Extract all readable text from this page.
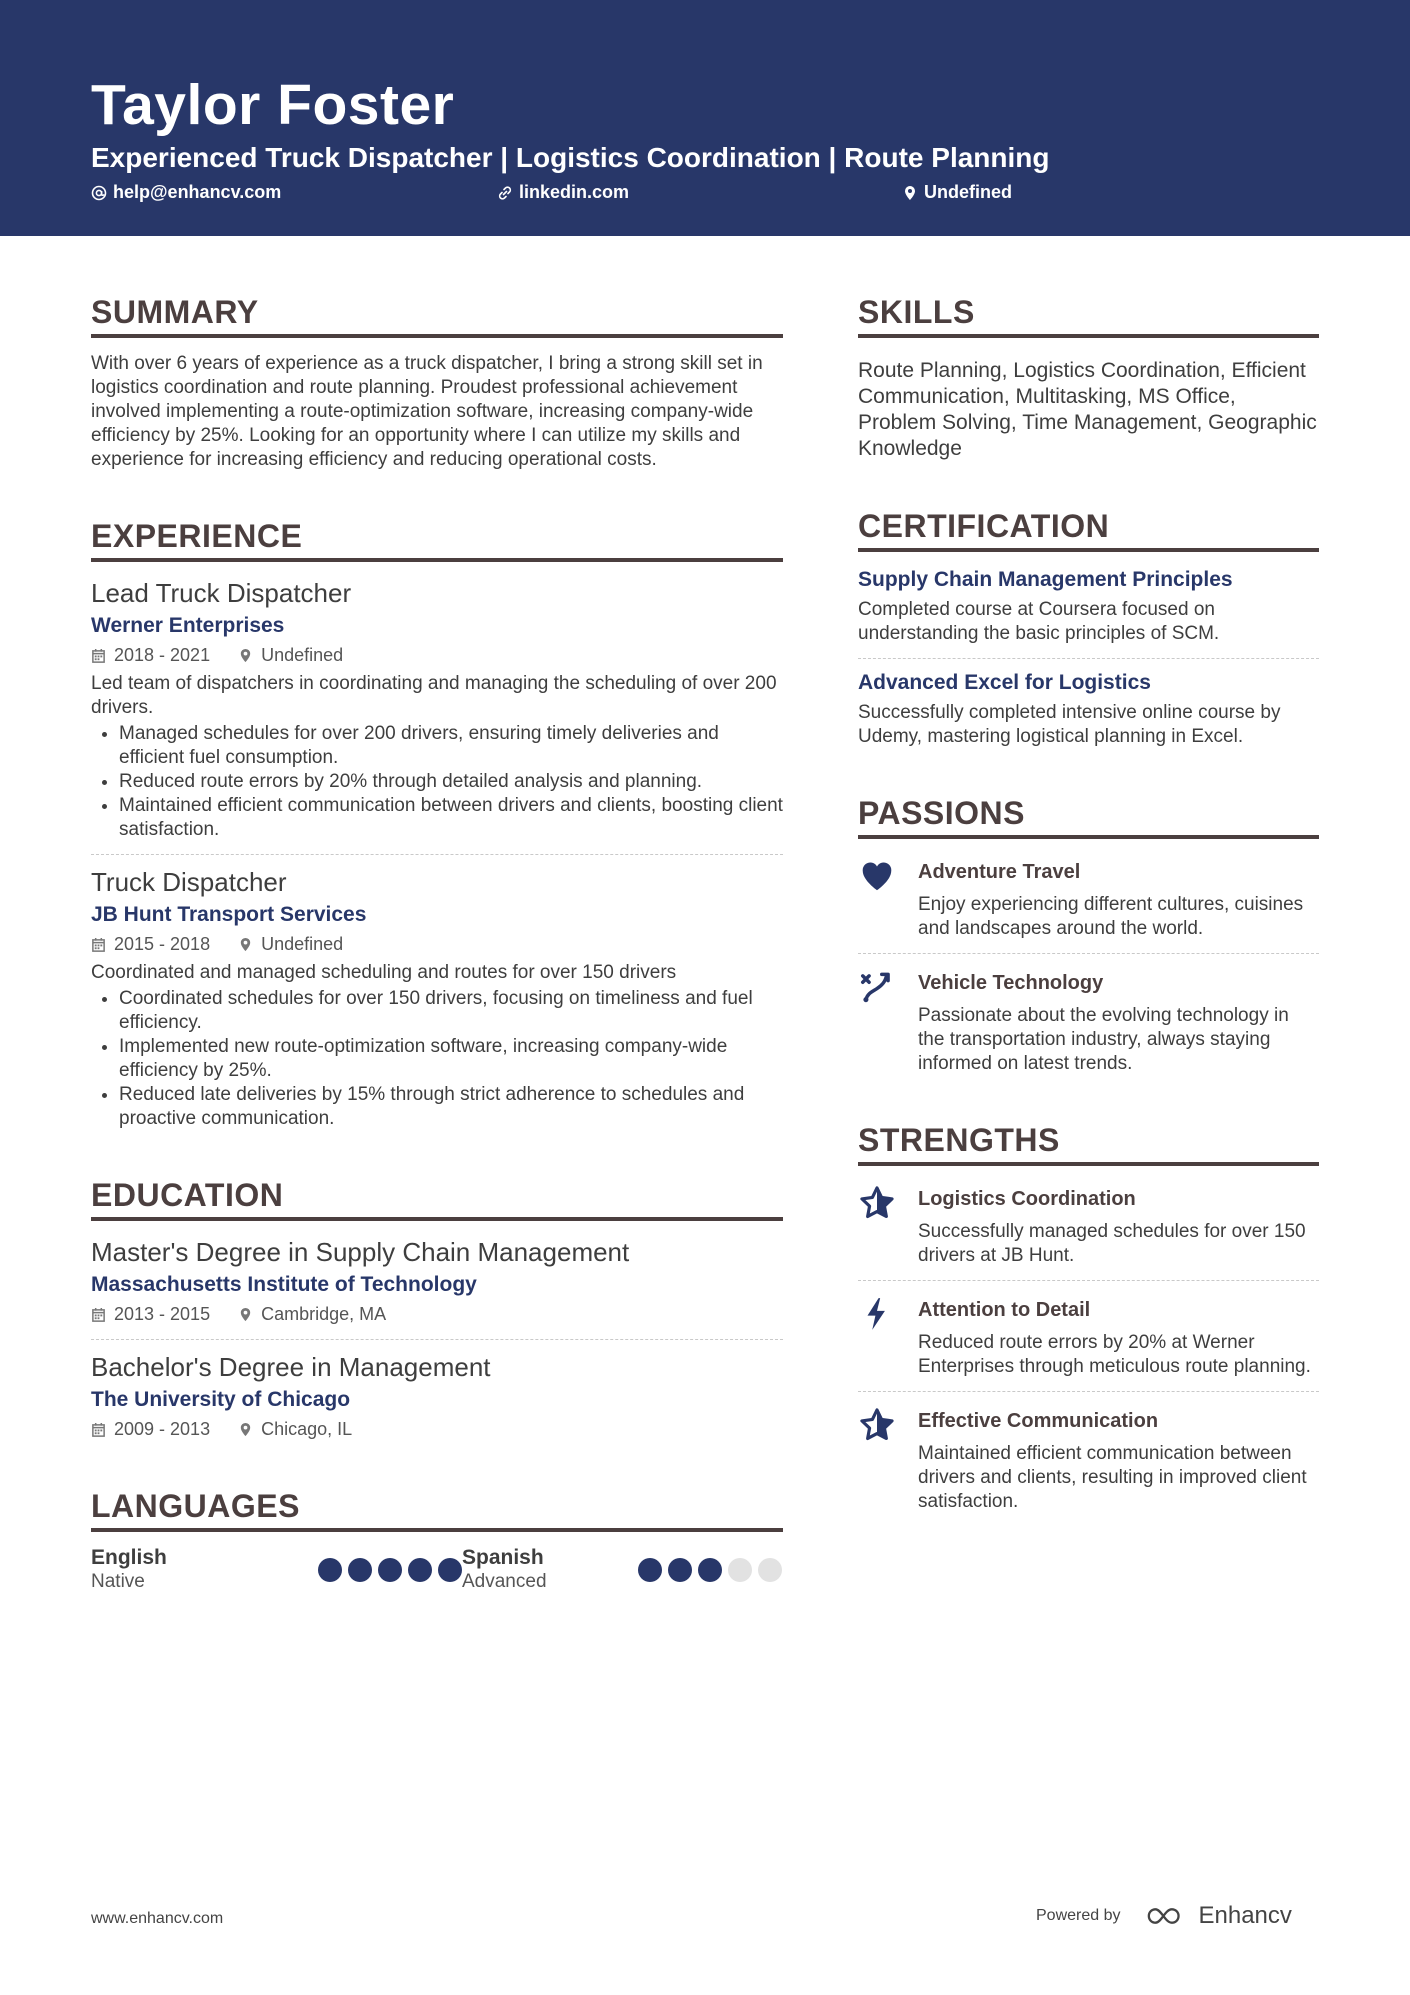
Taylor Foster
Experienced Truck Dispatcher | Logistics Coordination | Route Planning
help@enhancv.com	linkedin.com	Undefined
SUMMARY
With over 6 years of experience as a truck dispatcher, I bring a strong skill set in logistics coordination and route planning. Proudest professional achievement involved implementing a route-optimization software, increasing company-wide efficiency by 25%. Looking for an opportunity where I can utilize my skills and experience for increasing efficiency and reducing operational costs.
EXPERIENCE
Lead Truck Dispatcher
Werner Enterprises
2018 - 2021	Undefined
Led team of dispatchers in coordinating and managing the scheduling of over 200 drivers.
• Managed schedules for over 200 drivers, ensuring timely deliveries and efficient fuel consumption.
• Reduced route errors by 20% through detailed analysis and planning.
• Maintained efficient communication between drivers and clients, boosting client satisfaction.
Truck Dispatcher
JB Hunt Transport Services
2015 - 2018	Undefined
Coordinated and managed scheduling and routes for over 150 drivers
• Coordinated schedules for over 150 drivers, focusing on timeliness and fuel efficiency.
• Implemented new route-optimization software, increasing company-wide efficiency by 25%.
• Reduced late deliveries by 15% through strict adherence to schedules and proactive communication.
EDUCATION
Master's Degree in Supply Chain Management
Massachusetts Institute of Technology
2013 - 2015	Cambridge, MA
Bachelor's Degree in Management
The University of Chicago
2009 - 2013	Chicago, IL
LANGUAGES
English
Native
Spanish
Advanced
SKILLS
Route Planning, Logistics Coordination, Efficient Communication, Multitasking, MS Office, Problem Solving, Time Management, Geographic Knowledge
CERTIFICATION
Supply Chain Management Principles
Completed course at Coursera focused on understanding the basic principles of SCM.
Advanced Excel for Logistics
Successfully completed intensive online course by Udemy, mastering logistical planning in Excel.
PASSIONS
Adventure Travel
Enjoy experiencing different cultures, cuisines and landscapes around the world.
Vehicle Technology
Passionate about the evolving technology in the transportation industry, always staying informed on latest trends.
STRENGTHS
Logistics Coordination
Successfully managed schedules for over 150 drivers at JB Hunt.
Attention to Detail
Reduced route errors by 20% at Werner Enterprises through meticulous route planning.
Effective Communication
Maintained efficient communication between drivers and clients, resulting in improved client satisfaction.
www.enhancv.com	Powered by	Enhancv
